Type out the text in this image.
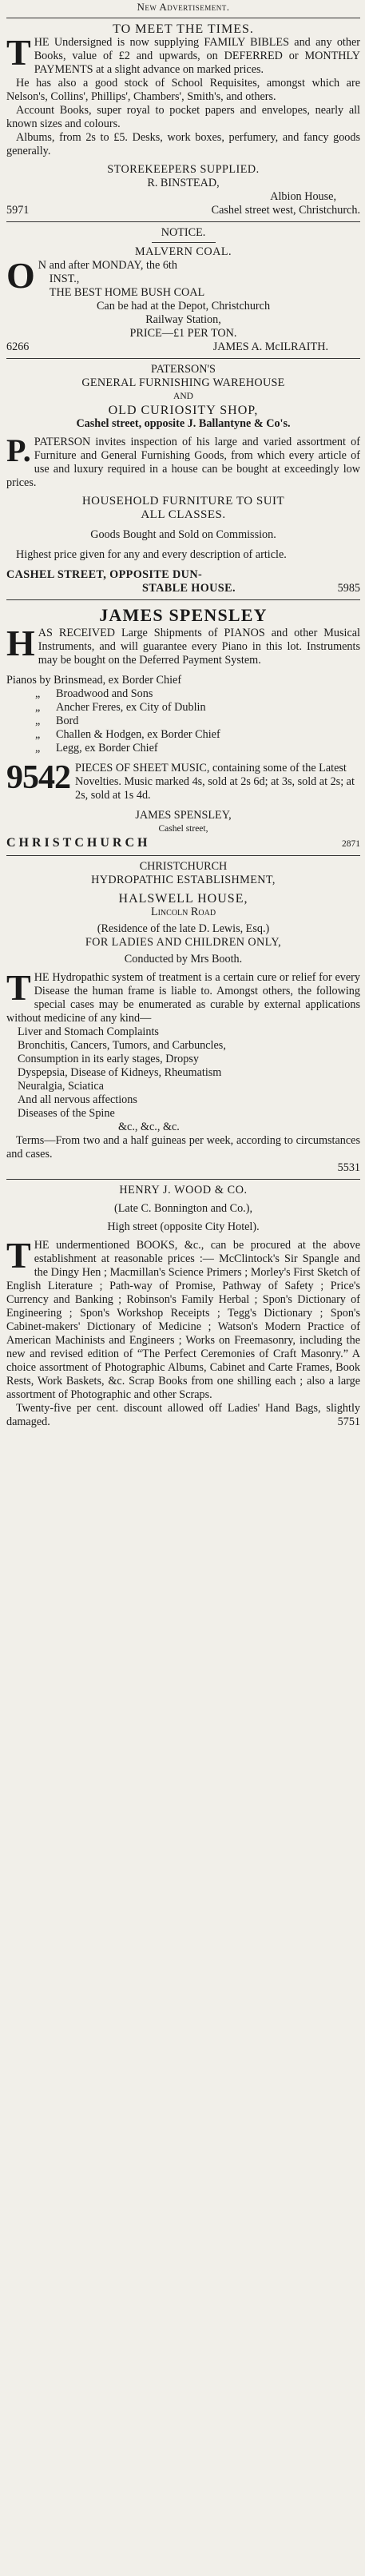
New Advertisement.
TO MEET THE TIMES.

THE Undersigned is now supplying FAMILY BIBLES and any other Books, value of £2 and upwards, on DEFERRED or MONTHLY PAYMENTS at a slight advance on marked prices.

He has also a good stock of School Requisites, amongst which are Nelson's, Collins', Phillips', Chambers', Smith's, and others.

Account Books, super royal to pocket papers and envelopes, nearly all known sizes and colours.

Albums, from 2s to £5. Desks, work boxes, perfumery, and fancy goods generally.

STOREKEEPERS SUPPLIED.
R. BINSTEAD,
Albion House,
5971	Cashel street west, Christchurch.
NOTICE.
MALVERN COAL.

O N and after MONDAY, the 6th
INST.,
THE BEST HOME BUSH COAL

Can be had at the Depot, Christchurch
Railway Station,
PRICE—£1 PER TON.
6266	JAMES A. McILRAITH.
PATERSON'S
GENERAL FURNISHING WAREHOUSE
AND
OLD CURIOSITY SHOP,
Cashel street, opposite J. Ballantyne & Co's.

P. PATERSON invites inspection of his large and varied assortment of Furniture and General Furnishing Goods, from which every article of use and luxury required in a house can be bought at exceedingly low prices.

HOUSEHOLD FURNITURE TO SUIT
ALL CLASSES.
Goods Bought and Sold on Commission.

Highest price given for any and every description of article.

CASHEL STREET, OPPOSITE DUN-
STABLE HOUSE.	5985
JAMES SPENSLEY

HAS RECEIVED Large Shipments of PIANOS and other Musical Instruments, and will guarantee every Piano in this lot. Instruments may be bought on the Deferred Payment System.

Pianos by Brinsmead, ex Border Chief
„	Broadwood and Sons
„	Ancher Freres, ex City of Dublin
„	Bord
„	Challen & Hodgen, ex Border Chief
„	Legg, ex Border Chief
9542 PIECES OF SHEET MUSIC, containing some of the Latest Novelties. Music marked 4s, sold at 2s 6d; at 3s, sold at 2s; at 2s, sold at 1s 4d.
JAMES SPENSLEY,
Cashel street,
CHRISTCHURCH	2871
CHRISTCHURCH
HYDROPATHIC ESTABLISHMENT,
HALSWELL HOUSE,
Lincoln Road
(Residence of the late D. Lewis, Esq.)
FOR LADIES AND CHILDREN ONLY,
Conducted by Mrs Booth.

THE Hydropathic system of treatment is a certain cure or relief for every Disease the human frame is liable to. Amongst others, the following special cases may be enumerated as curable by external applications without medicine of any kind—

Liver and Stomach Complaints
Bronchitis, Cancers, Tumors, and Carbuncles,
Consumption in its early stages, Dropsy
Dyspepsia, Disease of Kidneys, Rheumatism
Neuralgia, Sciatica
And all nervous affections
Diseases of the Spine
&c., &c., &c.

Terms—From two and a half guineas per week, according to circumstances and cases.

5531
HENRY J. WOOD & CO.
(Late C. Bonnington and Co.),
High street (opposite City Hotel).

THE undermentioned BOOKS, &c., can be procured at the above establishment at reasonable prices :— McClintock's Sir Spangle and the Dingy Hen ; Macmillan's Science Primers ; Morley's First Sketch of English Literature ; Path-way of Promise, Pathway of Safety ; Price's Currency and Banking ; Robinson's Family Herbal ; Spon's Dictionary of Engineering ; Spon's Workshop Receipts ; Tegg's Dictionary ; Spon's Cabinet-makers' Dictionary of Medicine ; Watson's Modern Practice of American Machinists and Engineers ; Works on Freemasonry, including the new and revised edition of “The Perfect Ceremonies of Craft Masonry.” A choice assortment of Photographic Albums, Cabinet and Carte Frames, Book Rests, Work Baskets, &c. Scrap Books from one shilling each ; also a large assortment of Photographic and other Scraps.

Twenty-five per cent. discount allowed off Ladies' Hand Bags, slightly damaged.	5751
